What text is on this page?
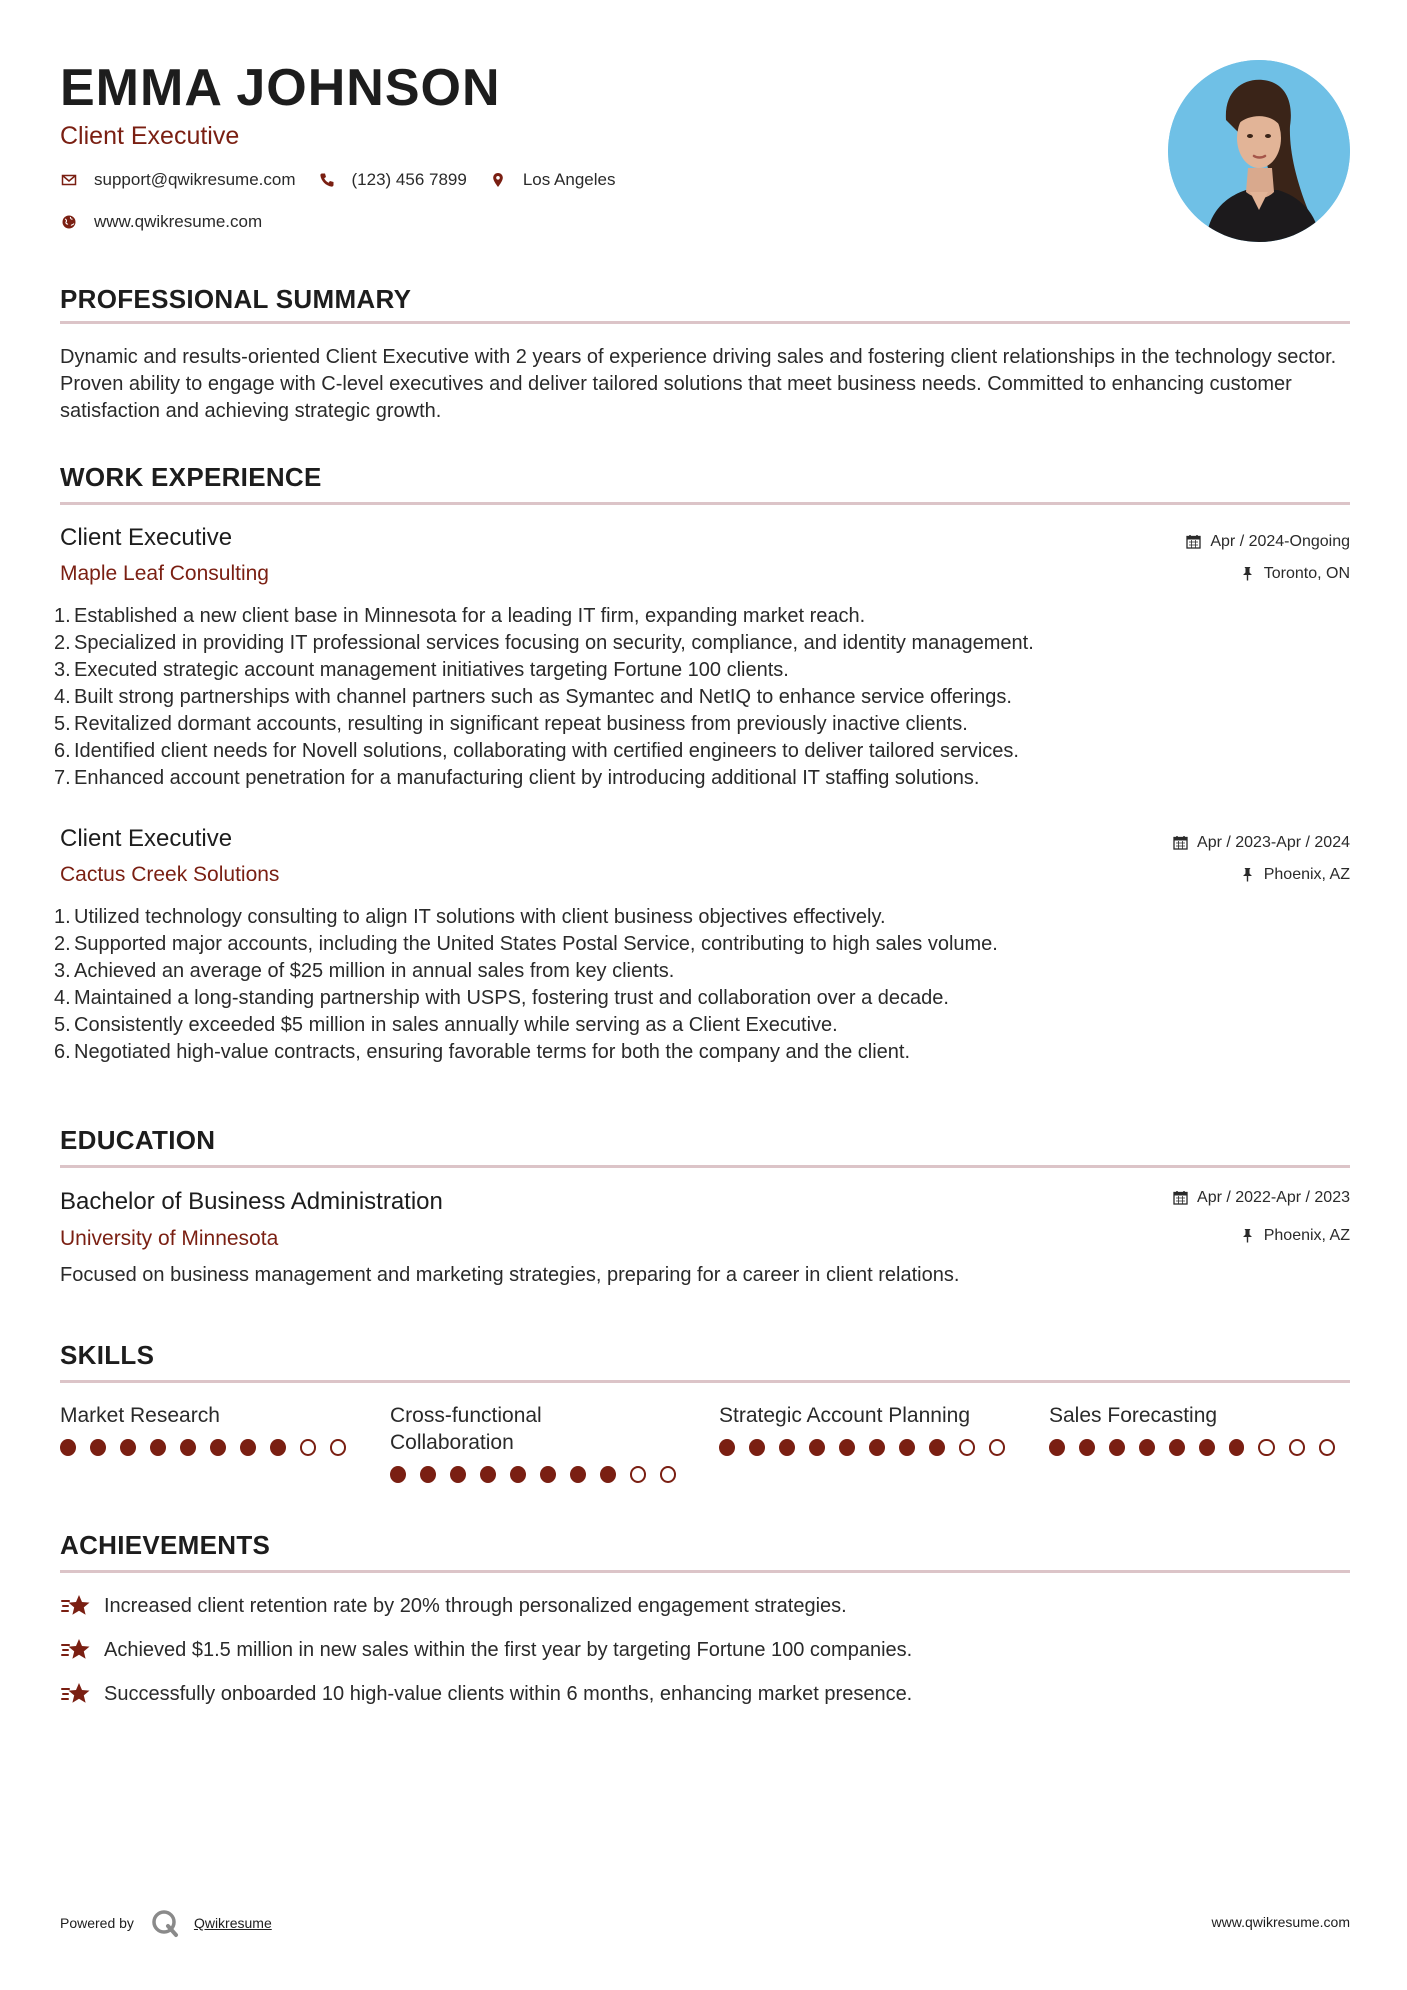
EMMA JOHNSON
Client Executive
support@qwikresume.com	(123) 456 7899	Los Angeles
www.qwikresume.com
PROFESSIONAL SUMMARY
Dynamic and results-oriented Client Executive with 2 years of experience driving sales and fostering client relationships in the technology sector. Proven ability to engage with C-level executives and deliver tailored solutions that meet business needs. Committed to enhancing customer satisfaction and achieving strategic growth.
WORK EXPERIENCE
Client Executive
Maple Leaf Consulting
Apr / 2024-Ongoing
Toronto, ON
1. Established a new client base in Minnesota for a leading IT firm, expanding market reach.
2. Specialized in providing IT professional services focusing on security, compliance, and identity management.
3. Executed strategic account management initiatives targeting Fortune 100 clients.
4. Built strong partnerships with channel partners such as Symantec and NetIQ to enhance service offerings.
5. Revitalized dormant accounts, resulting in significant repeat business from previously inactive clients.
6. Identified client needs for Novell solutions, collaborating with certified engineers to deliver tailored services.
7. Enhanced account penetration for a manufacturing client by introducing additional IT staffing solutions.
Client Executive
Cactus Creek Solutions
Apr / 2023-Apr / 2024
Phoenix, AZ
1. Utilized technology consulting to align IT solutions with client business objectives effectively.
2. Supported major accounts, including the United States Postal Service, contributing to high sales volume.
3. Achieved an average of $25 million in annual sales from key clients.
4. Maintained a long-standing partnership with USPS, fostering trust and collaboration over a decade.
5. Consistently exceeded $5 million in sales annually while serving as a Client Executive.
6. Negotiated high-value contracts, ensuring favorable terms for both the company and the client.
EDUCATION
Bachelor of Business Administration
University of Minnesota
Apr / 2022-Apr / 2023
Phoenix, AZ
Focused on business management and marketing strategies, preparing for a career in client relations.
SKILLS
Market Research	Cross-functional Collaboration
Strategic Account Planning	Sales Forecasting
ACHIEVEMENTS
Increased client retention rate by 20% through personalized engagement strategies.
Achieved $1.5 million in new sales within the first year by targeting Fortune 100 companies.
Successfully onboarded 10 high-value clients within 6 months, enhancing market presence.
Powered by	Qwikresume	www.qwikresume.com
